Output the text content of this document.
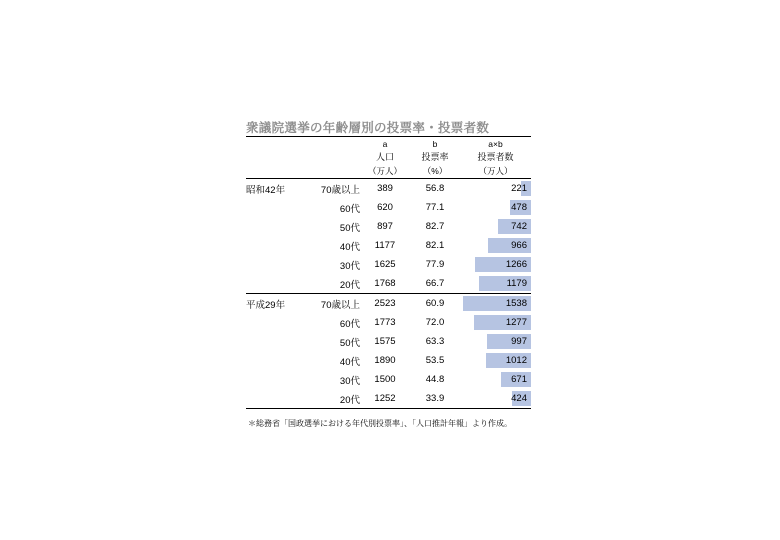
衆議院選挙の年齢層別の投票率・投票者数
		a	b	a×b
		人口	投票率	投票者数
		（万人）	（%）	（万人）
昭和42年	70歳以上	389	56.8	221

	60代	620	77.1	478

	50代	897	82.7	742

	40代	1177	82.1	966

	30代	1625	77.9	1266

	20代	1768	66.7	1179

平成29年	70歳以上	2523	60.9	1538

	60代	1773	72.0	1277

	50代	1575	63.3	997

	40代	1890	53.5	1012

	30代	1500	44.8	671

	20代	1252	33.9	424
＊総務省「国政選挙における年代別投票率」、「人口推計年報」より作成。
